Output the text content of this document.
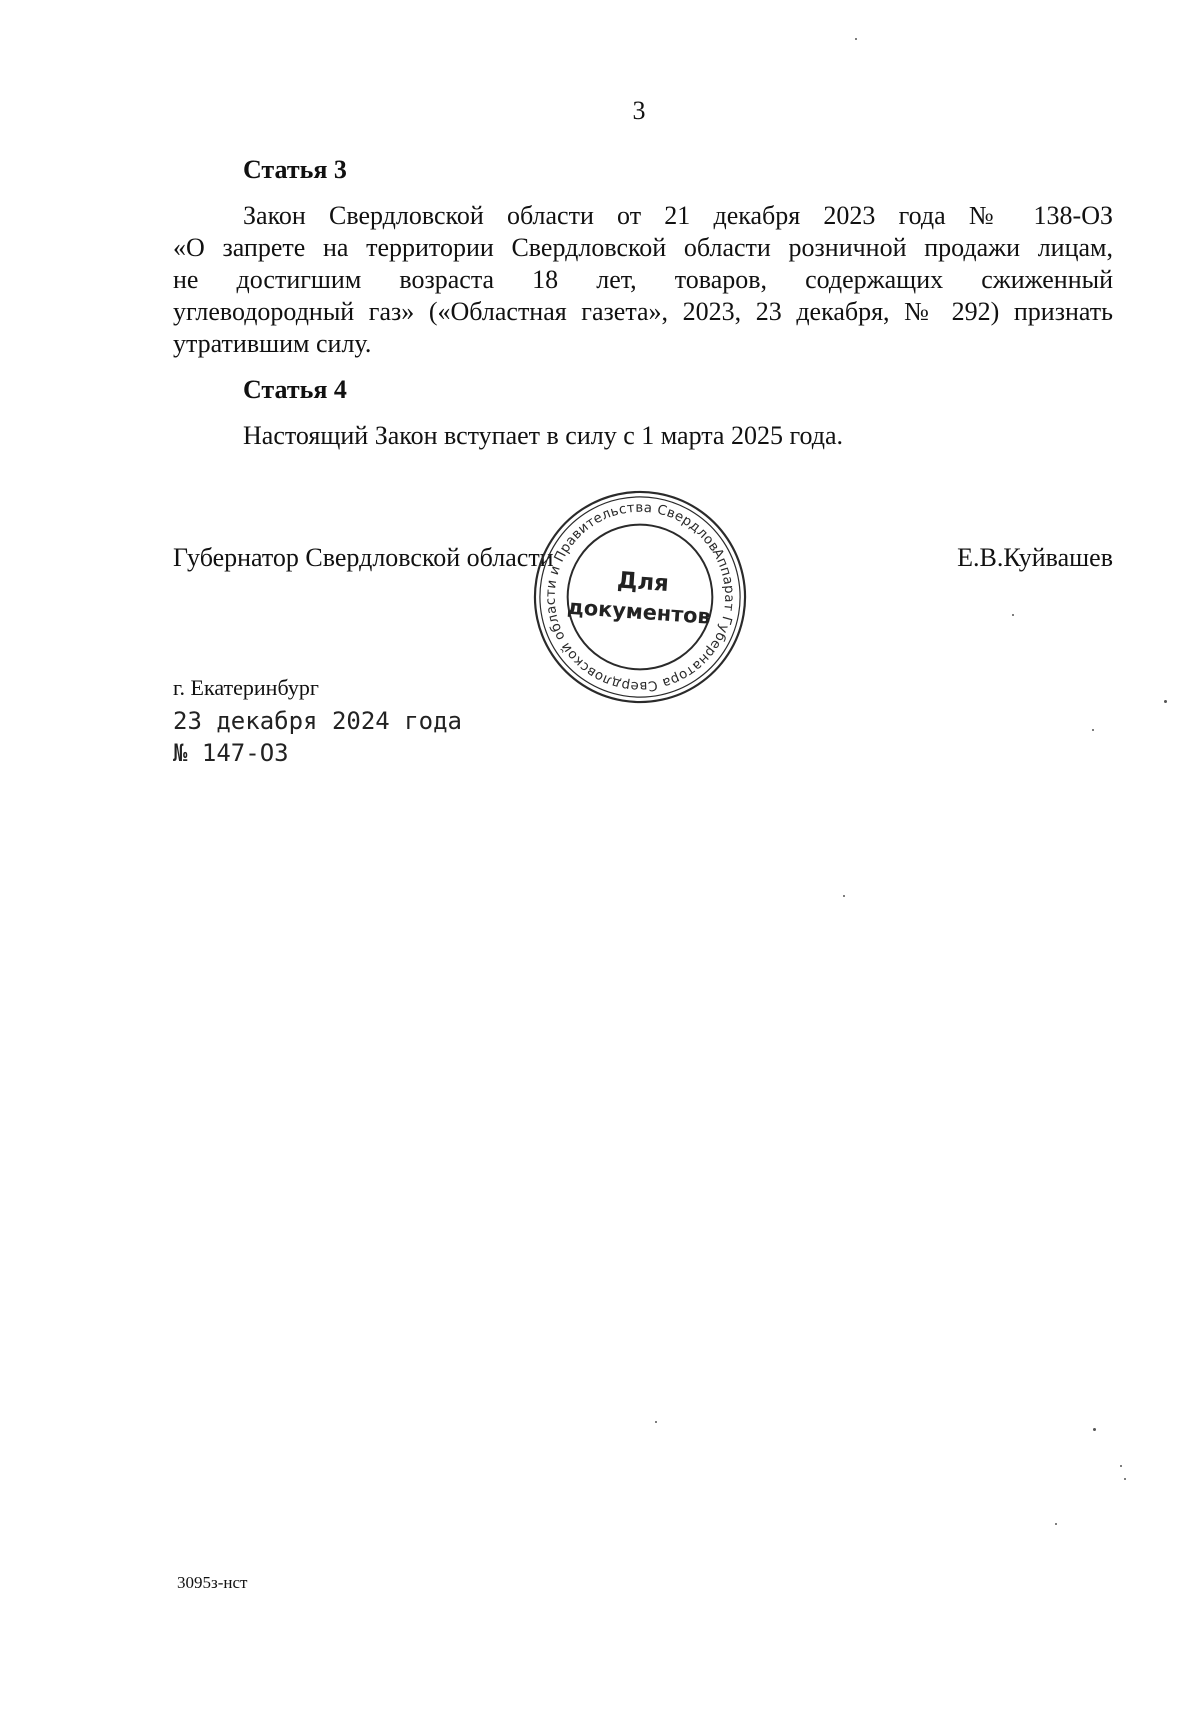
3
Статья 3
Закон Свердловской области от 21 декабря 2023 года № 138-ОЗ
«О запрете на территории Свердловской области розничной продажи лицам,
не достигшим возраста 18 лет, товаров, содержащих сжиженный
углеводородный газ» («Областная газета», 2023, 23 декабря, № 292) признать
утратившим силу.
Статья 4
Настоящий Закон вступает в силу с 1 марта 2025 года.
Губернатор Свердловской области	Е.В.Куйвашев
Аппарат Губернатора Свердловской области и Правительства Свердловской
Для
документов
г. Екатеринбург
23 декабря 2024 года
№ 147-ОЗ
3095з-нст
